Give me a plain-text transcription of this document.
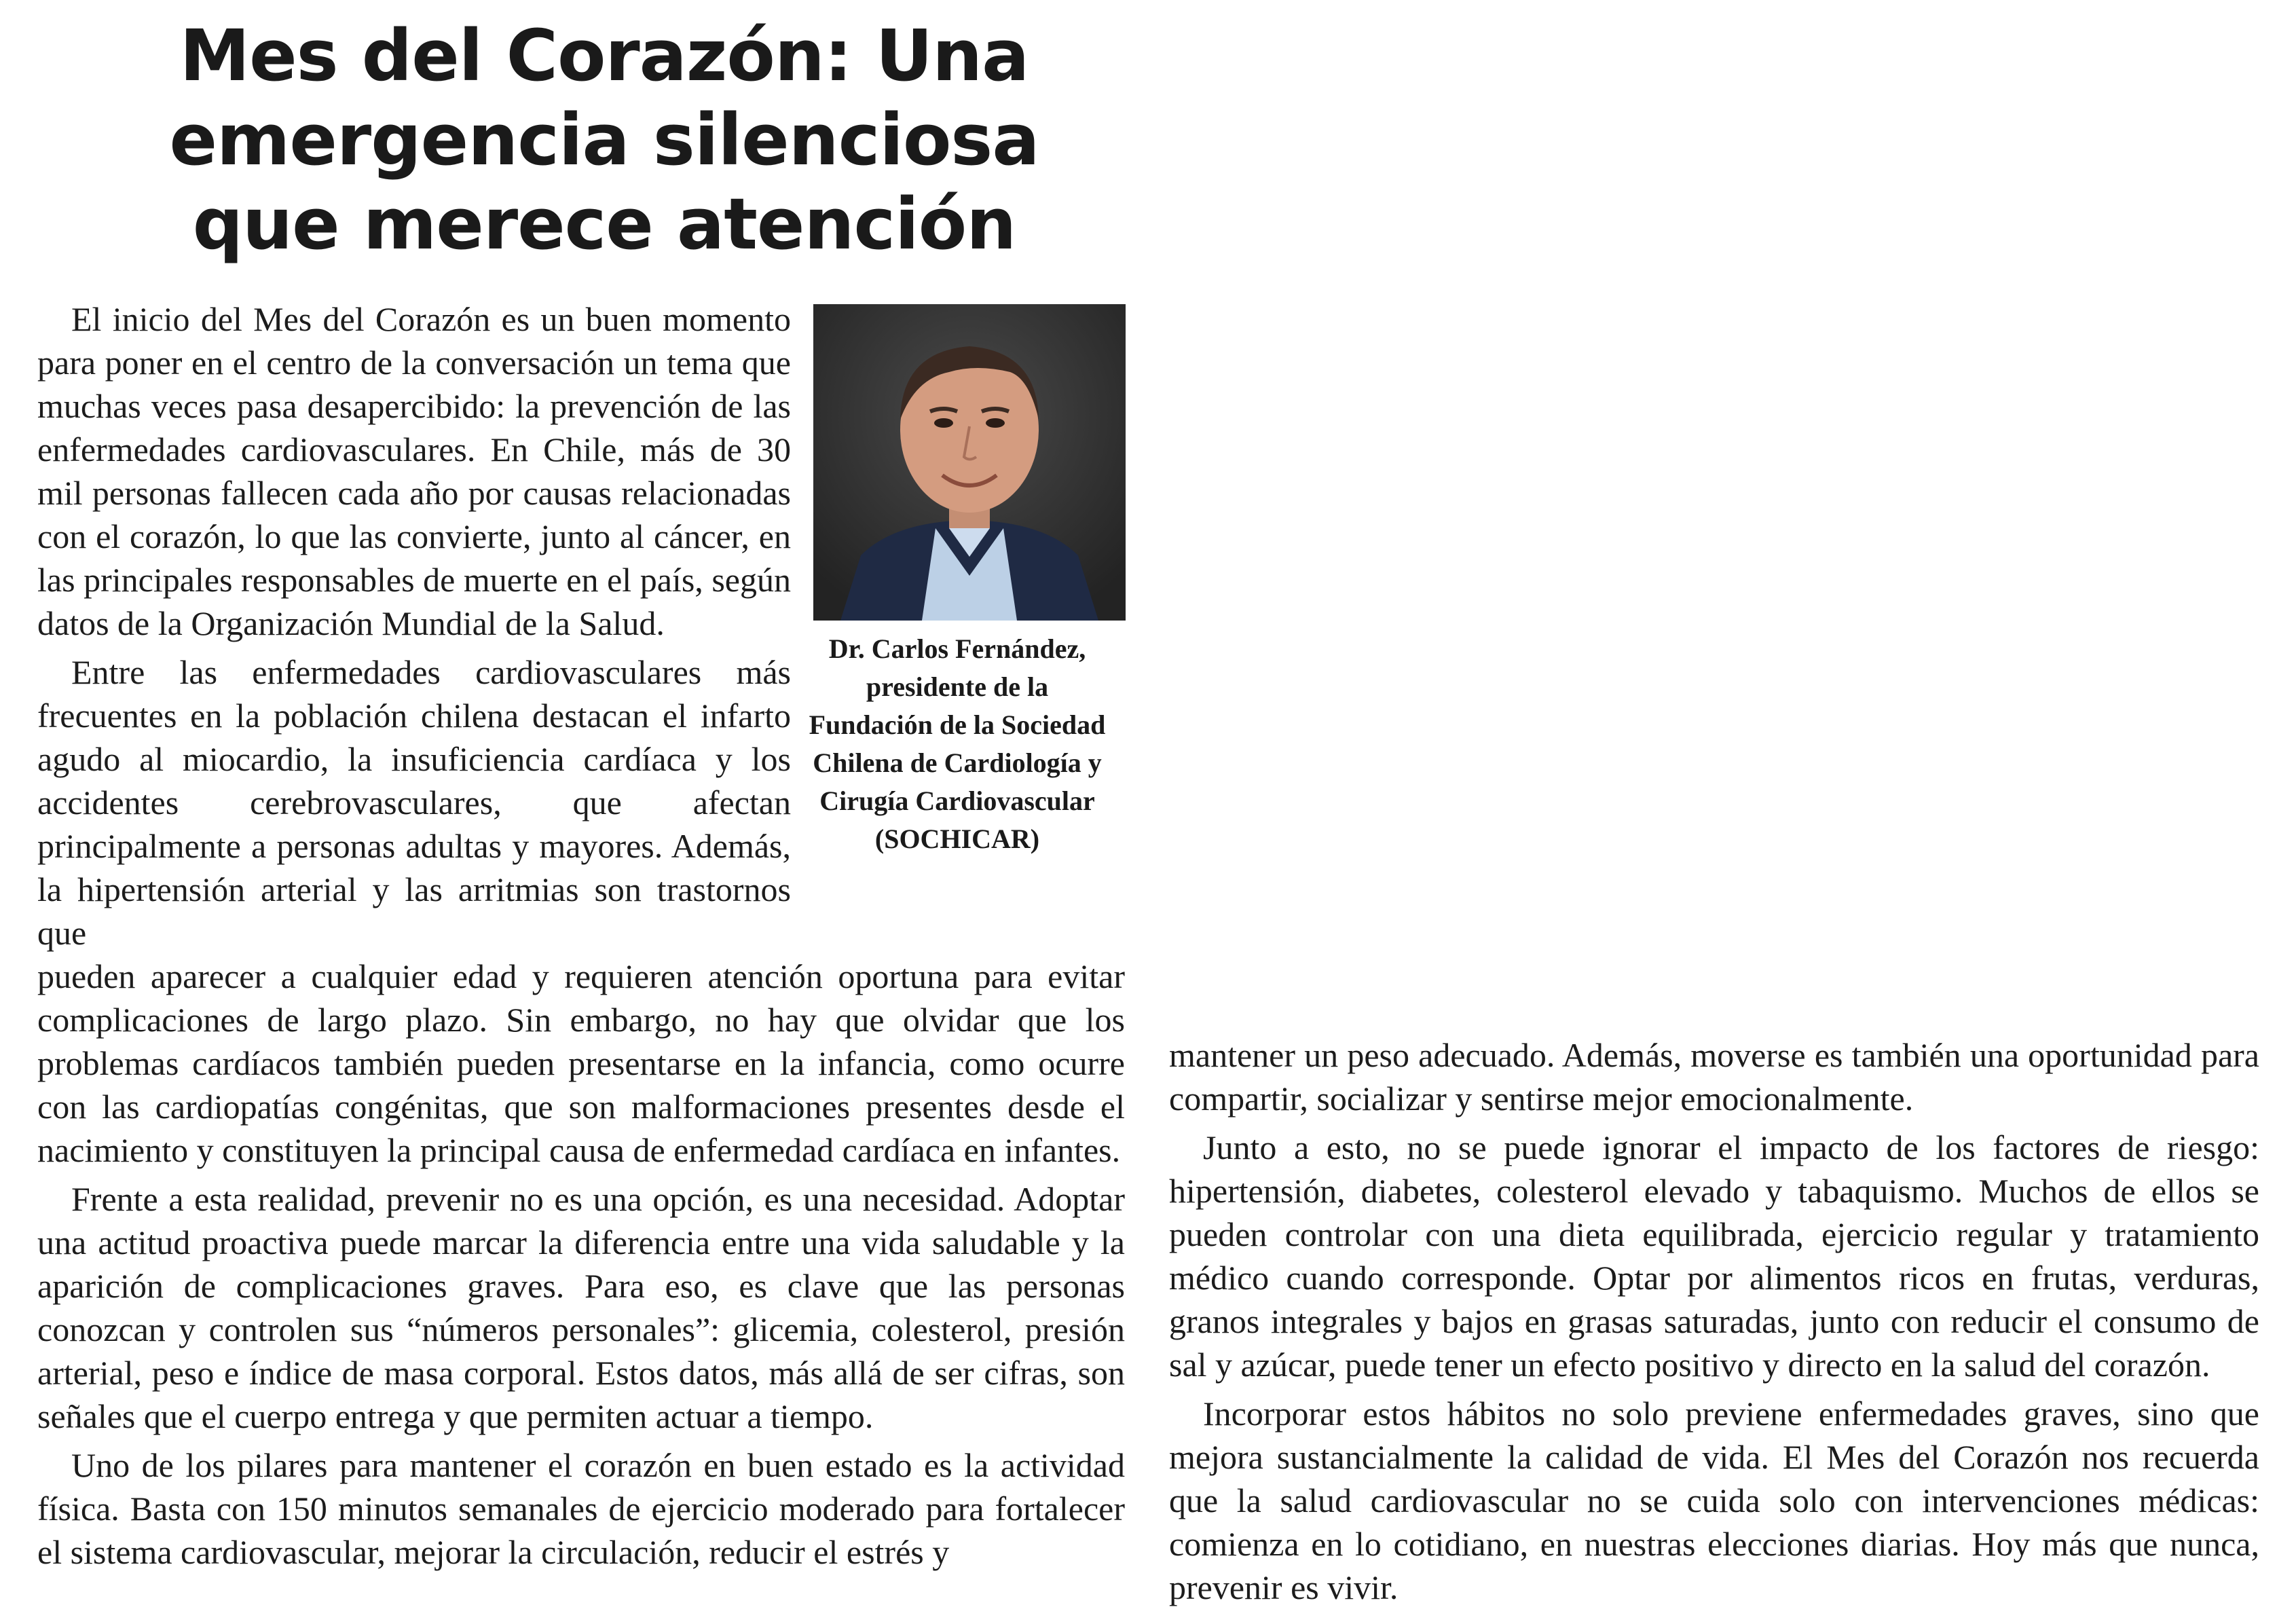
Mes del Corazón: Una
emergencia silenciosa
que merece atención
Dr. Carlos Fernández,
presidente de la
Fundación de la Sociedad
Chilena de Cardiología y
Cirugía Cardiovascular
(SOCHICAR)

El inicio del Mes del Corazón es un buen momento para poner en el centro de la conversación un tema que muchas veces pasa desapercibido: la prevención de las enfermedades cardiovasculares. En Chile, más de 30 mil personas fallecen cada año por causas relacionadas con el corazón, lo que las convierte, junto al cáncer, en las principales responsables de muerte en el país, según datos de la Organización Mundial de la Salud.

Entre las enfermedades cardiovasculares más frecuentes en la población chilena destacan el infarto agudo al miocardio, la insuficiencia cardíaca y los accidentes cerebrovasculares, que afectan principalmente a personas adultas y mayores. Además, la hipertensión arterial y las arritmias son trastornos que

pueden aparecer a cualquier edad y requieren atención oportuna para evitar complicaciones de largo plazo. Sin embargo, no hay que olvidar que los problemas cardíacos también pueden presentarse en la infancia, como ocurre con las cardiopatías congénitas, que son malformaciones presentes desde el nacimiento y constituyen la principal causa de enfermedad cardíaca en infantes.

Frente a esta realidad, prevenir no es una opción, es una necesidad. Adoptar una actitud proactiva puede marcar la diferencia entre una vida saludable y la aparición de complicaciones graves. Para eso, es clave que las personas conozcan y controlen sus “números personales”: glicemia, colesterol, presión arterial, peso e índice de masa corporal. Estos datos, más allá de ser cifras, son señales que el cuerpo entrega y que permiten actuar a tiempo.

Uno de los pilares para mantener el corazón en buen estado es la actividad física. Basta con 150 minutos semanales de ejercicio moderado para fortalecer el sistema cardiovascular, mejorar la circulación, reducir el estrés y

mantener un peso adecuado. Además, moverse es también una oportunidad para compartir, socializar y sentirse mejor emocionalmente.

Junto a esto, no se puede ignorar el impacto de los factores de riesgo: hipertensión, diabetes, colesterol elevado y tabaquismo. Muchos de ellos se pueden controlar con una dieta equilibrada, ejercicio regular y tratamiento médico cuando corresponde. Optar por alimentos ricos en frutas, verduras, granos integrales y bajos en grasas saturadas, junto con reducir el consumo de sal y azúcar, puede tener un efecto positivo y directo en la salud del corazón.

Incorporar estos hábitos no solo previene enfermedades graves, sino que mejora sustancialmente la calidad de vida. El Mes del Corazón nos recuerda que la salud cardiovascular no se cuida solo con intervenciones médicas: comienza en lo cotidiano, en nuestras elecciones diarias. Hoy más que nunca, prevenir es vivir.
